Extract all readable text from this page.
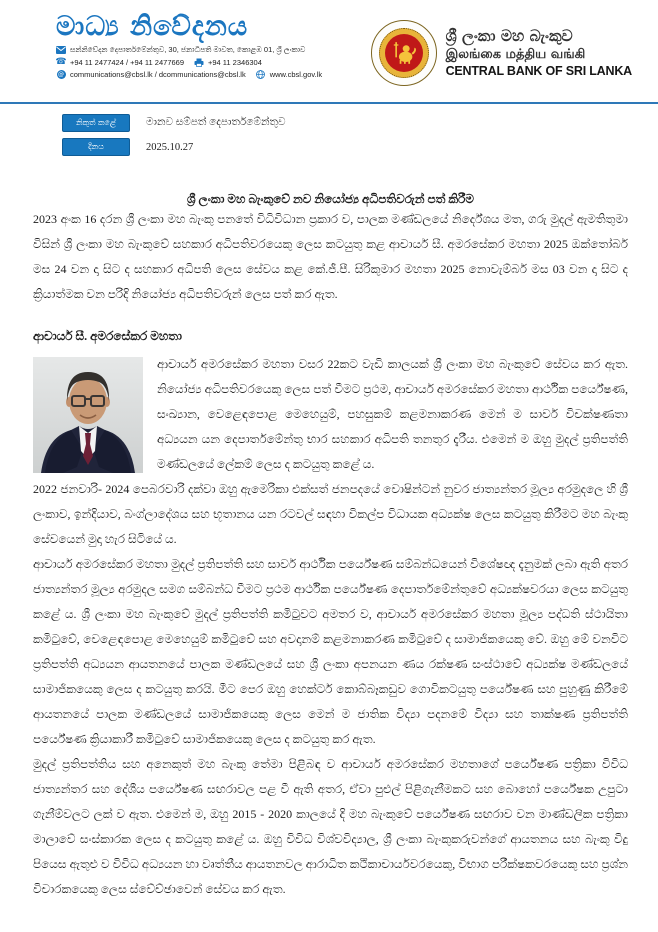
මාධ්‍ය නිවේදනය
සන්නිවේදන දෙපාර්තමේන්තුව, 30, ජනාධිපති මාවත, කොළඹ 01, ශ්‍රී ලංකාව
☎ +94 11 2477424 / +94 11 2477669	+94 11 2346304
@ communications@cbsl.lk / dcommunications@cbsl.lk	www.cbsl.gov.lk
ශ්‍රී ලංකා මහ බැංකුව
இலங்கை மத்திய வங்கி
CENTRAL BANK OF SRI LANKA
නිකුත් කළේ	මානව සම්පත් දෙපාර්තමේන්තුව
දිනය	2025.10.27
ශ්‍රී ලංකා මහ බැංකුවේ නව නියෝජ්‍ය අධිපතිවරුන් පත් කිරීම

2023 අංක 16 දරන ශ්‍රී ලංකා මහ බැංකු පනතේ විධිවිධාන ප්‍රකාර ව, පාලක මණ්ඩලයේ නිර්දේශය මත, ගරු මුදල් ඇමතිතුමා විසින් ශ්‍රී ලංකා මහ බැංකුවේ සහකාර අධිපතිවරයෙකු ලෙස කටයුතු කළ ආචාර්ය සී. අමරසේකර මහතා 2025 ඔක්තෝබර් මස 24 වන දා සිට ද සහකාර අධිපති ලෙස සේවය කළ කේ.ජී.පී. සිරිකුමාර මහතා 2025 නොවැම්බර් මස 03 වන දා සිට ද ක්‍රියාත්මක වන පරිදි නියෝජ්‍ය අධිපතිවරුන් ලෙස පත් කර ඇත.

ආචාර්ය සී. අමරසේකර මහතා

ආචාර්ය අමරසේකර මහතා වසර 22කට වැඩි කාලයක් ශ්‍රී ලංකා මහ බැංකුවේ සේවය කර ඇත. නියෝජ්‍ය අධිපතිවරයෙකු ලෙස පත් වීමට ප්‍රථම, ආචාර්ය අමරසේකර මහතා ආර්ථික පර්යේෂණ, සංඛ්‍යාන, වෙළෙඳපොළ මෙහෙයුම්, පහසුකම් කළමනාකරණ මෙන් ම සාර්ව විචක්ෂණතා අධ්‍යයන යන දෙපාර්තමේන්තු භාර සහකාර අධිපති තනතුර දැරීය. එමෙන් ම ඔහු මුදල් ප්‍රතිපත්ති මණ්ඩලයේ ලේකම් ලෙස ද කටයුතු කළේ ය.

2022 ජනවාරි- 2024 පෙබරවාරි දක්වා ඔහු ඇමෙරිකා එක්සත් ජනපදයේ වොෂින්ටන් නුවර ජාත්‍යන්තර මූල්‍ය අරමුදලෙ හි ශ්‍රී ලංකාව, ඉන්දියාව, බංග්ලාදේශය සහ භූතානය යන රටවල් සඳහා විකල්ප විධායක අධ්‍යක්ෂ ලෙස කටයුතු කිරීමට මහ බැංකු සේවයෙන් මුදා හැර සිටියේ ය.

ආචාර්ය අමරසේකර මහතා මුදල් ප්‍රතිපත්ති සහ සාර්ව ආර්ථික පර්යේෂණ සම්බන්ධයෙන් විශේෂඥ දැනුමක් ලබා ඇති අතර ජාත්‍යන්තර මූල්‍ය අරමුදල සමග සම්බන්ධ වීමට ප්‍රථම ආර්ථික පර්යේෂණ දෙපාර්තමේන්තුවේ අධ්‍යක්ෂවරයා ලෙස කටයුතු කළේ ය. ශ්‍රී ලංකා මහ බැංකුවේ මුදල් ප්‍රතිපත්ති කමිටුවට අමතර ව, ආචාර්ය අමරසේකර මහතා මූල්‍ය පද්ධති ස්ථායිතා කමිටුවේ, වෙළෙඳපොළ මෙහෙයුම් කමිටුවේ සහ අවදානම් කළමනාකරණ කමිටුවේ ද සාමාජිකයෙකු වේ. ඔහු මේ වනවිට ප්‍රතිපත්ති අධ්‍යයන ආයතනයේ පාලක මණ්ඩලයේ සහ ශ්‍රී ලංකා අපනයන ණය රක්ෂණ සංස්ථාවේ අධ්‍යක්ෂ මණ්ඩලයේ සාමාජිකයෙකු ලෙස ද කටයුතු කරයි. මීට පෙර ඔහු හෙක්ටර් කොබ්බෑකඩුව ගොවිකටයුතු පර්යේෂණ සහ පුහුණු කිරීමේ ආයතනයේ පාලක මණ්ඩලයේ සාමාජිකයෙකු ලෙස මෙන් ම ජාතික විද්‍යා පදනමේ විද්‍යා සහ තාක්ෂණ ප්‍රතිපත්ති පර්යේෂණ ක්‍රියාකාරී කමිටුවේ සාමාජිකයෙකු ලෙස ද කටයුතු කර ඇත.

මුදල් ප්‍රතිපත්තිය සහ අනෙකුත් මහ බැංකු තේමා පිළිබඳ ව ආචාර්ය අමරසේකර මහතාගේ පර්යේෂණ පත්‍රිකා විවිධ ජාත්‍යන්තර සහ දේශීය පර්යේෂණ සඟරාවල පළ වී ඇති අතර, ඒවා පුළුල් පිළිගැනීමකට සහ බොහෝ පර්යේෂක උපුටා ගැනීම්වලට ලක් ව ඇත. එමෙන් ම, ඔහු 2015 - 2020 කාලයේ දි මහ බැංකුවේ පර්යේෂණ සඟරාව වන මාණ්ඩලික පත්‍රිකා මාලාවේ සංස්කාරක ලෙස ද කටයුතු කළේ ය. ඔහු විවිධ විශ්වවිද්‍යාල, ශ්‍රී ලංකා බැංකුකරුවන්ගේ ආයතනය සහ බැංකු විදු පියෙස ඇතුළු ව විවිධ අධ්‍යයන හා වෘත්තීය ආයතනවල ආරාධිත කථිකාචාර්යවරයෙකු, විභාග පරීක්ෂකවරයෙකු සහ ප්‍රශ්න විචාරකයෙකු ලෙස ස්වේච්ඡාවෙන් සේවය කර ඇත.
